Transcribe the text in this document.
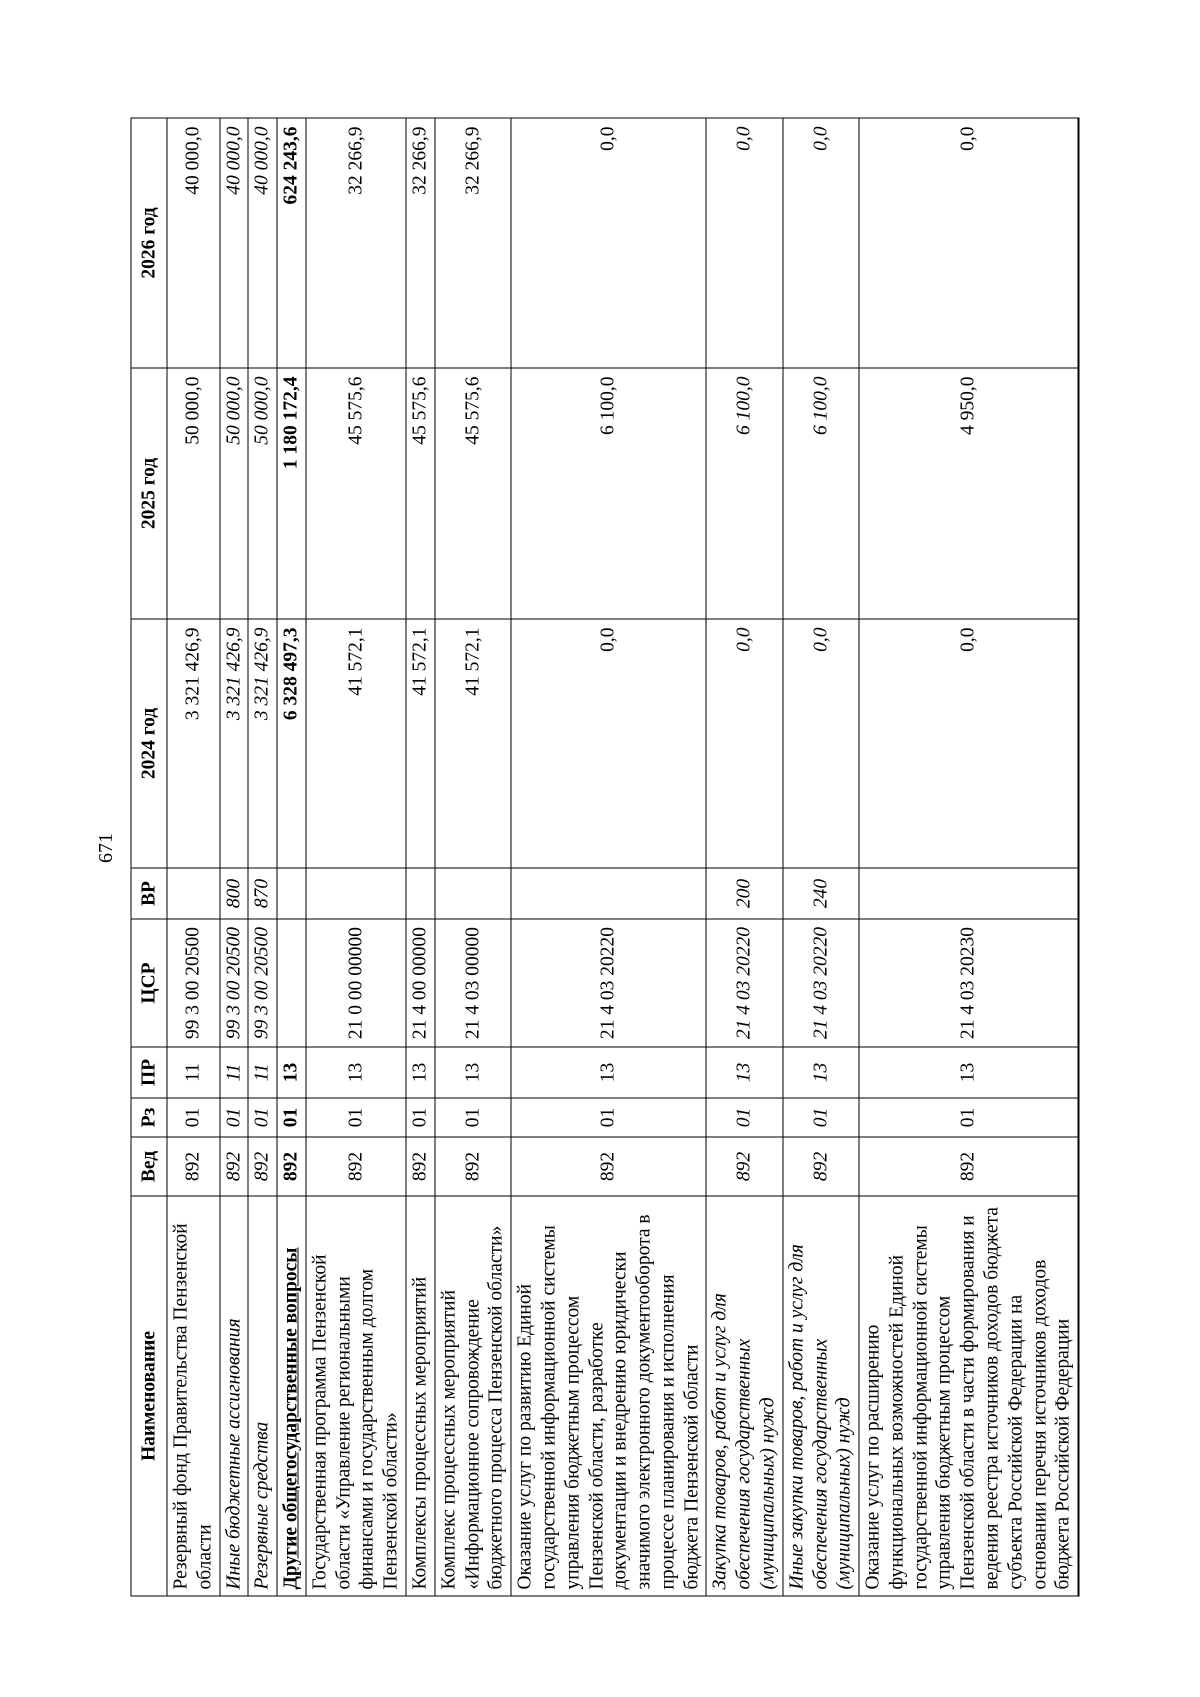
671
Наименование	Вед	Рз	ПР	ЦСР	ВР	2024 год	2025 год	2026 год
Резервный фонд Правительства Пензенской области	892	01	11	99 3 00 20500		3 321 426,9	50 000,0	40 000,0
Иные бюджетные ассигнования	892	01	11	99 3 00 20500	800	3 321 426,9	50 000,0	40 000,0
Резервные средства	892	01	11	99 3 00 20500	870	3 321 426,9	50 000,0	40 000,0
Другие общегосударственные вопросы	892	01	13			6 328 497,3	1 180 172,4	624 243,6
Государственная программа Пензенской области «Управление региональными финансами и государственным долгом Пензенской области»	892	01	13	21 0 00 00000		41 572,1	45 575,6	32 266,9
Комплексы процессных мероприятий	892	01	13	21 4 00 00000		41 572,1	45 575,6	32 266,9
Комплекс процессных мероприятий «Информационное сопровождение бюджетного процесса Пензенской области»	892	01	13	21 4 03 00000		41 572,1	45 575,6	32 266,9
Оказание услуг по развитию Единой государственной информационной системы управления бюджетным процессом Пензенской области, разработке документации и внедрению юридически значимого электронного документооборота в процессе планирования и исполнения бюджета Пензенской области	892	01	13	21 4 03 20220		0,0	6 100,0	0,0
Закупка товаров, работ и услуг для обеспечения государственных (муниципальных) нужд	892	01	13	21 4 03 20220	200	0,0	6 100,0	0,0
Иные закупки товаров, работ и услуг для обеспечения государственных (муниципальных) нужд	892	01	13	21 4 03 20220	240	0,0	6 100,0	0,0
Оказание услуг по расширению функциональных возможностей Единой государственной информационной системы управления бюджетным процессом Пензенской области в части формирования и ведения реестра источников доходов бюджета субъекта Российской Федерации на основании перечня источников доходов бюджета Российской Федерации	892	01	13	21 4 03 20230		0,0	4 950,0	0,0
